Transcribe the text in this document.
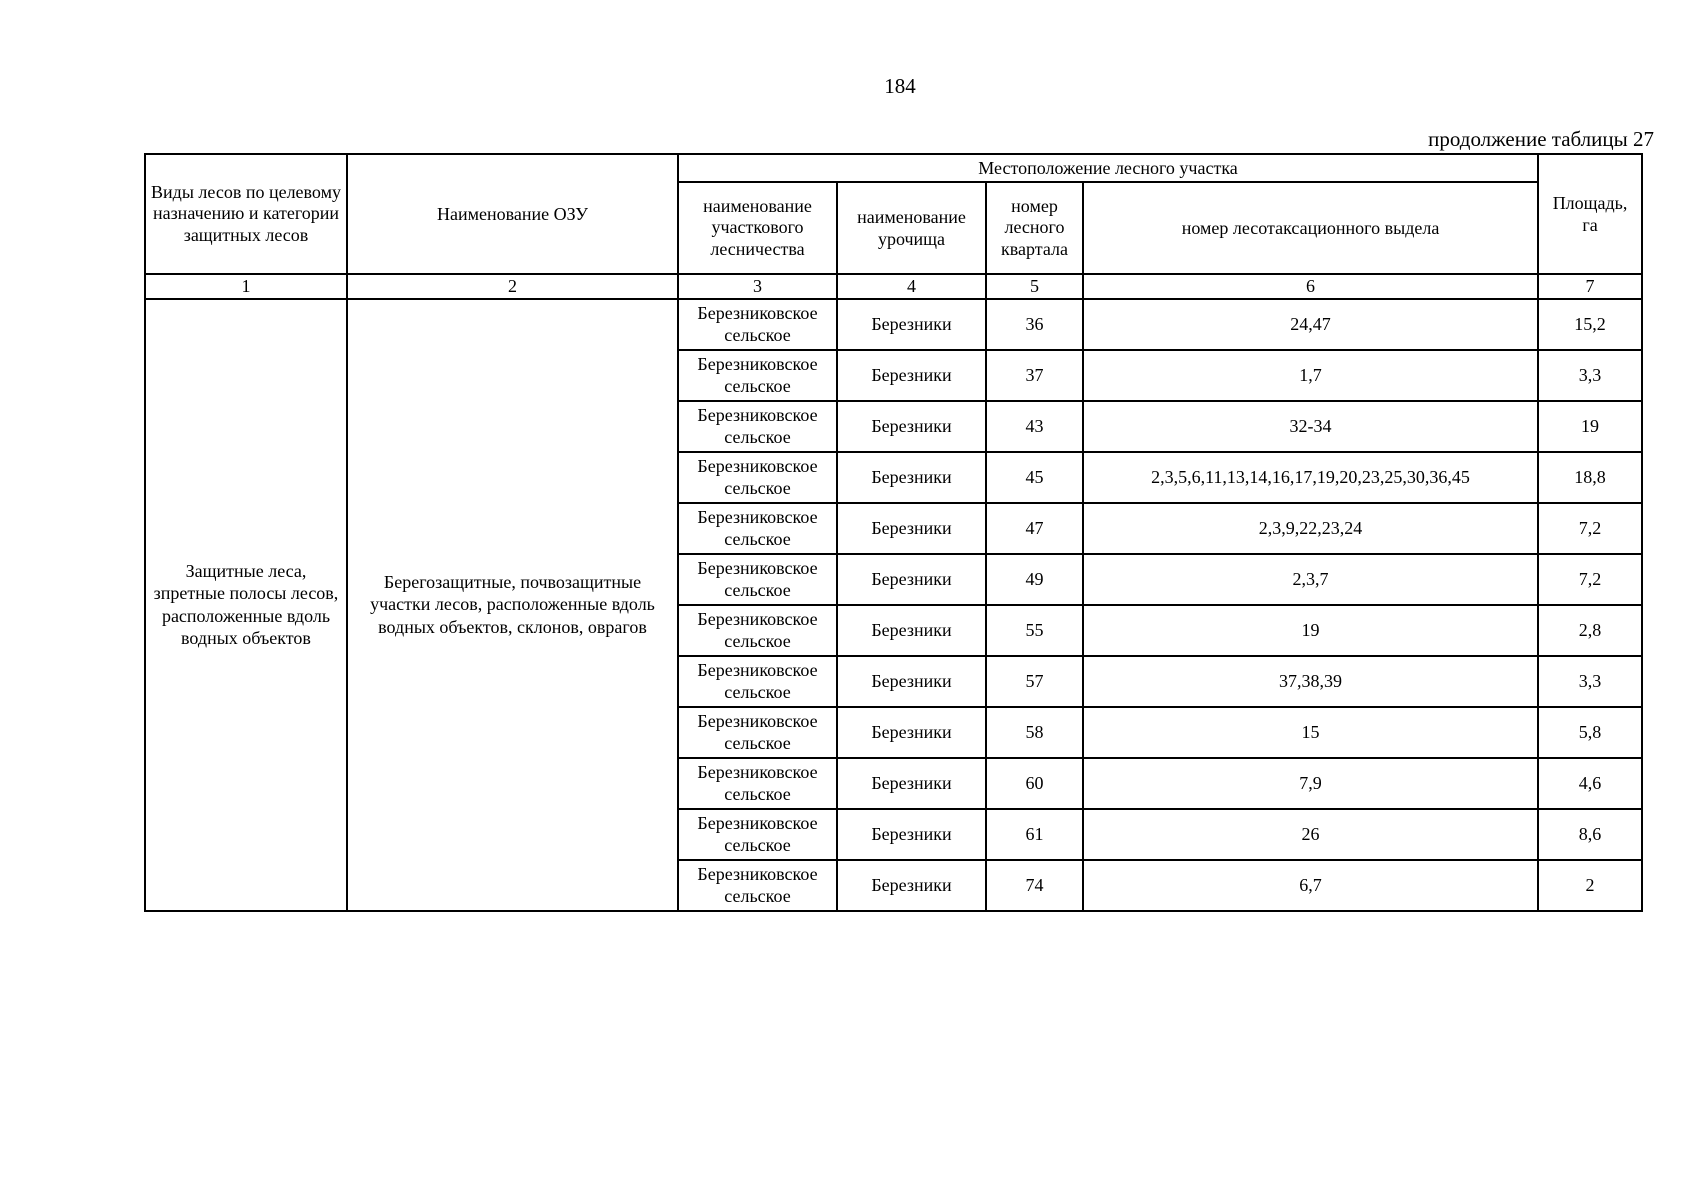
184
продолжение таблицы 27
Виды лесов по целевому назначению и категории защитных лесов	Наименование ОЗУ	Местоположение лесного участка				Площадь, га
		наименование участкового лесничества	наименование урочища	номер лесного квартала	номер лесотаксационного выдела	
1	2	3	4	5	6	7
Защитные леса, зпретные полосы лесов, расположенные вдоль водных объектов	Берегозащитные, почвозащитные участки лесов, расположенные вдоль водных объектов, склонов, оврагов	Березниковское сельское	Березники	36	24,47	15,2
		Березниковское сельское	Березники	37	1,7	3,3
		Березниковское сельское	Березники	43	32-34	19
		Березниковское сельское	Березники	45	2,3,5,6,11,13,14,16,17,19,20,23,25,30,36,45	18,8
		Березниковское сельское	Березники	47	2,3,9,22,23,24	7,2
		Березниковское сельское	Березники	49	2,3,7	7,2
		Березниковское сельское	Березники	55	19	2,8
		Березниковское сельское	Березники	57	37,38,39	3,3
		Березниковское сельское	Березники	58	15	5,8
		Березниковское сельское	Березники	60	7,9	4,6
		Березниковское сельское	Березники	61	26	8,6
		Березниковское сельское	Березники	74	6,7	2
